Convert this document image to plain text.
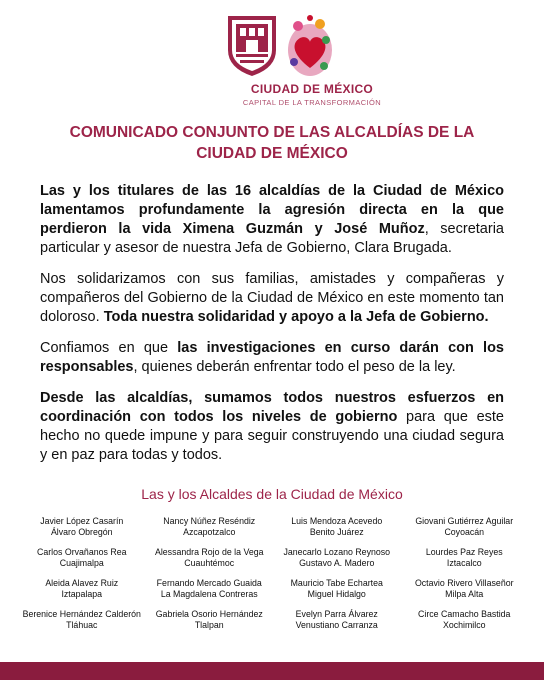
CIUDAD DE MÉXICO
CAPITAL DE LA TRANSFORMACIÓN
COMUNICADO CONJUNTO DE LAS ALCALDÍAS DE LA CIUDAD DE MÉXICO

Las y los titulares de las 16 alcaldías de la Ciudad de México lamentamos profundamente la agresión directa en la que perdieron la vida Ximena Guzmán y José Muñoz, secretaria particular y asesor de nuestra Jefa de Gobierno, Clara Brugada.

Nos solidarizamos con sus familias, amistades y compañeras y compañeros del Gobierno de la Ciudad de México en este momento tan doloroso. Toda nuestra solidaridad y apoyo a la Jefa de Gobierno.

Confiamos en que las investigaciones en curso darán con los responsables, quienes deberán enfrentar todo el peso de la ley.

Desde las alcaldías, sumamos todos nuestros esfuerzos en coordinación con todos los niveles de gobierno para que este hecho no quede impune y para seguir construyendo una ciudad segura y en paz para todas y todos.

Las y los Alcaldes de la Ciudad de México
Javier López Casarín
Álvaro Obregón
Nancy Núñez Reséndiz
Azcapotzalco
Luis Mendoza Acevedo
Benito Juárez
Giovani Gutiérrez Aguilar
Coyoacán
Carlos Orvañanos Rea
Cuajimalpa
Alessandra Rojo de la Vega
Cuauhtémoc
Janecarlo Lozano Reynoso
Gustavo A. Madero
Lourdes Paz Reyes
Iztacalco
Aleida Alavez Ruiz
Iztapalapa
Fernando Mercado Guaida
La Magdalena Contreras
Mauricio Tabe Echartea
Miguel Hidalgo
Octavio Rivero Villaseñor
Milpa Alta
Berenice Hernández Calderón
Tláhuac
Gabriela Osorio Hernández
Tlalpan
Evelyn Parra Álvarez
Venustiano Carranza
Circe Camacho Bastida
Xochimilco
